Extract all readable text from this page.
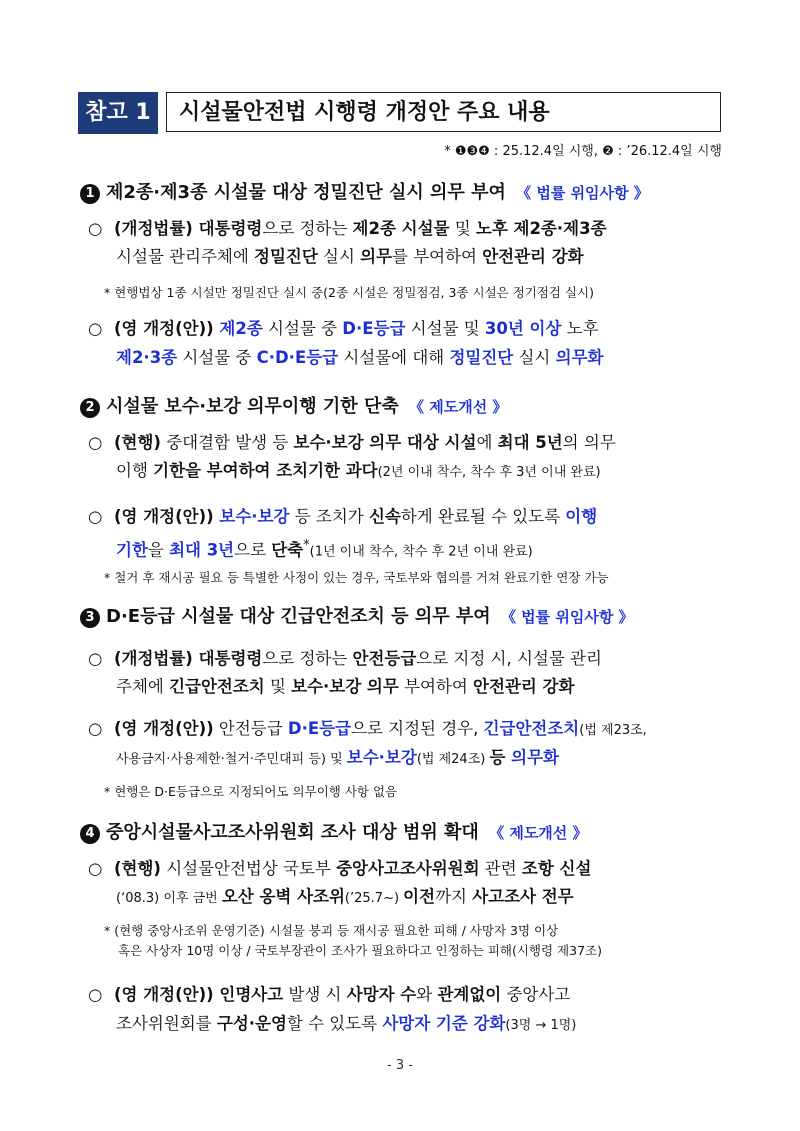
참고 1	시설물안전법 시행령 개정안 주요 내용
* ❶❸❹ : 25.12.4일 시행, ❷ : ’26.12.4일 시행
1 제2종·제3종 시설물 대상 정밀진단 실시 의무 부여 《 법률 위임사항 》
○ (개정법률) 대통령령으로 정하는 제2종 시설물 및 노후 제2종·제3종
시설물 관리주체에 정밀진단 실시 의무를 부여하여 안전관리 강화
* 현행법상 1종 시설만 정밀진단 실시 중(2종 시설은 정밀점검, 3종 시설은 정기점검 실시)
○ (영 개정(안)) 제2종 시설물 중 D·E등급 시설물 및 30년 이상 노후
제2·3종 시설물 중 C·D·E등급 시설물에 대해 정밀진단 실시 의무화
2 시설물 보수·보강 의무이행 기한 단축 《 제도개선 》
○ (현행) 중대결함 발생 등 보수·보강 의무 대상 시설에 최대 5년의 의무
이행 기한을 부여하여 조치기한 과다(2년 이내 착수, 착수 후 3년 이내 완료)
○ (영 개정(안)) 보수·보강 등 조치가 신속하게 완료될 수 있도록 이행
기한을 최대 3년으로 단축*(1년 이내 착수, 착수 후 2년 이내 완료)
* 철거 후 재시공 필요 등 특별한 사정이 있는 경우, 국토부와 협의를 거쳐 완료기한 연장 가능
3 D·E등급 시설물 대상 긴급안전조치 등 의무 부여 《 법률 위임사항 》
○ (개정법률) 대통령령으로 정하는 안전등급으로 지정 시, 시설물 관리
주체에 긴급안전조치 및 보수·보강 의무 부여하여 안전관리 강화
○ (영 개정(안)) 안전등급 D·E등급으로 지정된 경우, 긴급안전조치(법 제23조,
사용금지·사용제한·철거·주민대피 등) 및 보수·보강(법 제24조) 등 의무화
* 현행은 D·E등급으로 지정되어도 의무이행 사항 없음
4 중앙시설물사고조사위원회 조사 대상 범위 확대 《 제도개선 》
○ (현행) 시설물안전법상 국토부 중앙사고조사위원회 관련 조항 신설
(‘08.3) 이후 금번 오산 옹벽 사조위(’25.7~) 이전까지 사고조사 전무
* (현행 중앙사조위 운영기준) 시설물 붕괴 등 재시공 필요한 피해 / 사망자 3명 이상
혹은 사상자 10명 이상 / 국토부장관이 조사가 필요하다고 인정하는 피해(시행령 제37조)
○ (영 개정(안)) 인명사고 발생 시 사망자 수와 관계없이 중앙사고
조사위원회를 구성·운영할 수 있도록 사망자 기준 강화(3명 → 1명)
- 3 -
